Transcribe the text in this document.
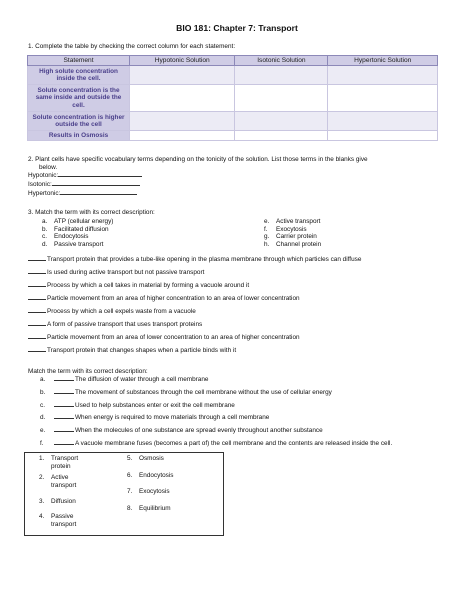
BIO 181: Chapter 7: Transport
1. Complete the table by checking the correct column for each statement:
Statement	Hypotonic Solution	Isotonic Solution	Hypertonic Solution
High solute concentration inside the cell.			
Solute concentration is the same inside and outside the cell.			
Solute concentration is higher outside the cell			
Results in Osmosis			
2. Plant cells have specific vocabulary terms depending on the tonicity of the solution. List those terms in the blanks give
below.
Hypotonic:
Isotonic:
Hypertonic:
3. Match the term with its correct description:
a. ATP (cellular energy)
b. Facilitated diffusion
c. Endocytosis
d. Passive transport
e. Active transport
f. Exocytosis
g. Carrier protein
h. Channel protein
Transport protein that provides a tube-like opening in the plasma membrane through which particles can diffuse
Is used during active transport but not passive transport
Process by which a cell takes in material by forming a vacuole around it
Particle movement from an area of higher concentration to an area of lower concentration
Process by which a cell expels waste from a vacuole
A form of passive transport that uses transport proteins
Particle movement from an area of lower concentration to an area of higher concentration
Transport protein that changes shapes when a particle binds with it
Match the term with its correct description:
a.	The diffusion of water through a cell membrane
b.	The movement of substances through the cell membrane without the use of cellular energy
c.	Used to help substances enter or exit the cell membrane
d.	When energy is required to move materials through a cell membrane
e.	When the molecules of one substance are spread evenly throughout another substance
f.	A vacuole membrane fuses (becomes a part of) the cell membrane and the contents are released inside the cell.
1.	Transport protein
2.	Active transport
3.	Diffusion
4.	Passive transport

5.	Osmosis
6.	Endocytosis
7.	Exocytosis
8.	Equilibrium
